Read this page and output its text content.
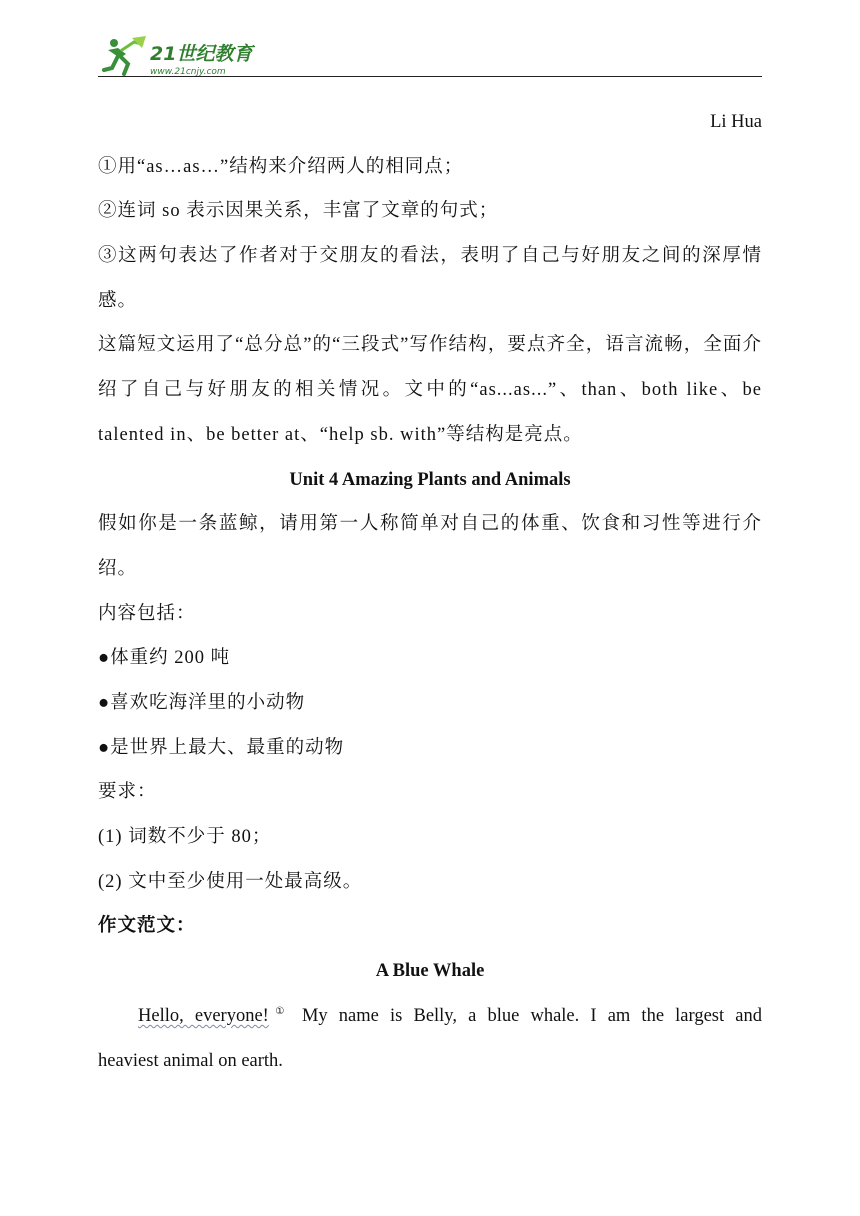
21世纪教育
www.21cnjy.com
Li Hua
①用“as…as…”结构来介绍两人的相同点；
②连词 so 表示因果关系，丰富了文章的句式；
③这两句表达了作者对于交朋友的看法，表明了自己与好朋友之间的深厚情感。
这篇短文运用了“总分总”的“三段式”写作结构，要点齐全，语言流畅，全面介绍了自己与好朋友的相关情况。文中的“as...as...”、than、both like、be talented in、be better at、“help sb. with”等结构是亮点。
Unit 4 Amazing Plants and Animals
假如你是一条蓝鲸，请用第一人称简单对自己的体重、饮食和习性等进行介绍。
内容包括：
●体重约 200 吨
●喜欢吃海洋里的小动物
●是世界上最大、最重的动物
要求：
(1) 词数不少于 80；
(2) 文中至少使用一处最高级。
作文范文：
A Blue Whale
Hello, everyone!① My name is Belly, a blue whale. I am the largest and
heaviest animal on earth.
